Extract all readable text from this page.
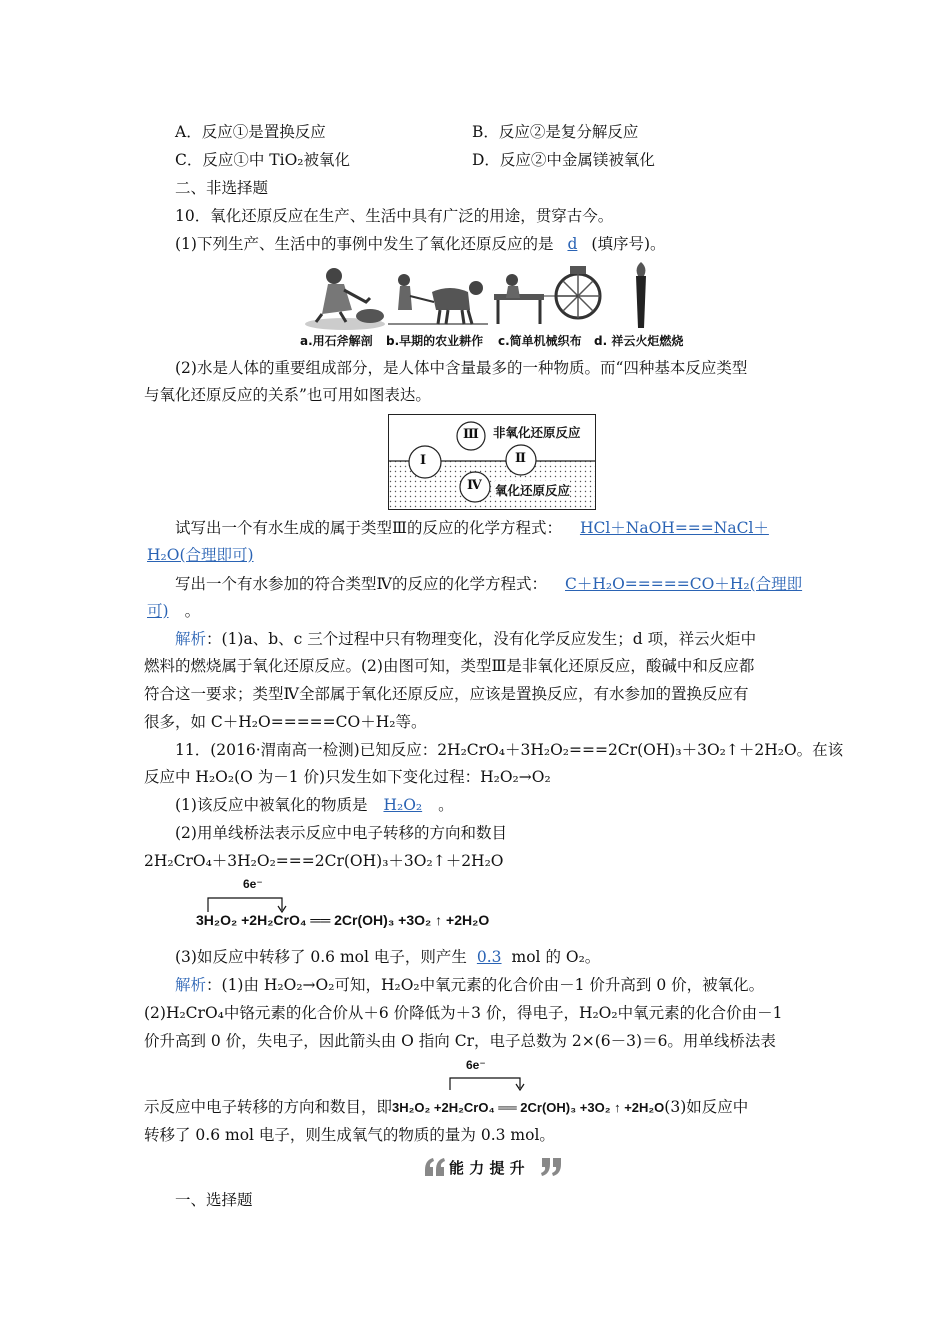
A．反应①是置换反应	B．反应②是复分解反应
C．反应①中 TiO₂被氧化	D．反应②中金属镁被氧化
二、非选择题
10．氧化还原反应在生产、生活中具有广泛的用途，贯穿古今。
(1)下列生产、生活中的事例中发生了氧化还原反应的是 d (填序号)。
a.用石斧解剖 b.早期的农业耕作 c.简单机械织布 d. 祥云火炬燃烧
(2)水是人体的重要组成部分，是人体中含量最多的一种物质。而“四种基本反应类型
与氧化还原反应的关系”也可用如图表达。
Ⅲ
Ⅰ	Ⅱ
Ⅳ
非氧化还原反应
氧化还原反应
试写出一个有水生成的属于类型Ⅲ的反应的化学方程式： HCl＋NaOH===NaCl＋
H₂O(合理即可)
写出一个有水参加的符合类型Ⅳ的反应的化学方程式： C＋H₂O=====CO＋H₂(合理即
可) 。
解析：(1)a、b、c 三个过程中只有物理变化，没有化学反应发生；d 项，祥云火炬中
燃料的燃烧属于氧化还原反应。(2)由图可知，类型Ⅲ是非氧化还原反应，酸碱中和反应都
符合这一要求；类型Ⅳ全部属于氧化还原反应，应该是置换反应，有水参加的置换反应有
很多，如 C＋H₂O=====CO＋H₂等。
11．(2016·渭南高一检测)已知反应：2H₂CrO₄＋3H₂O₂===2Cr(OH)₃＋3O₂↑＋2H₂O。在该
反应中 H₂O₂(O 为－1 价)只发生如下变化过程：H₂O₂→O₂
(1)该反应中被氧化的物质是 H₂O₂ 。
(2)用单线桥法表示反应中电子转移的方向和数目
2H₂CrO₄＋3H₂O₂===2Cr(OH)₃＋3O₂↑＋2H₂O
6e⁻
3H₂O₂ +2H₂CrO₄ ══ 2Cr(OH)₃ +3O₂ ↑ +2H₂O
(3)如反应中转移了 0.6 mol 电子，则产生 0.3 mol 的 O₂。
解析：(1)由 H₂O₂→O₂可知，H₂O₂中氧元素的化合价由－1 价升高到 0 价，被氧化。
(2)H₂CrO₄中铬元素的化合价从＋6 价降低为＋3 价，得电子，H₂O₂中氧元素的化合价由－1
价升高到 0 价，失电子，因此箭头由 O 指向 Cr，电子总数为 2×(6－3)＝6。用单线桥法表
6e⁻
示反应中电子转移的方向和数目，即3H₂O₂ +2H₂CrO₄ ══ 2Cr(OH)₃ +3O₂ ↑ +2H₂O(3)如反应中
转移了 0.6 mol 电子，则生成氧气的物质的量为 0.3 mol。
能 力 提 升
一、选择题
